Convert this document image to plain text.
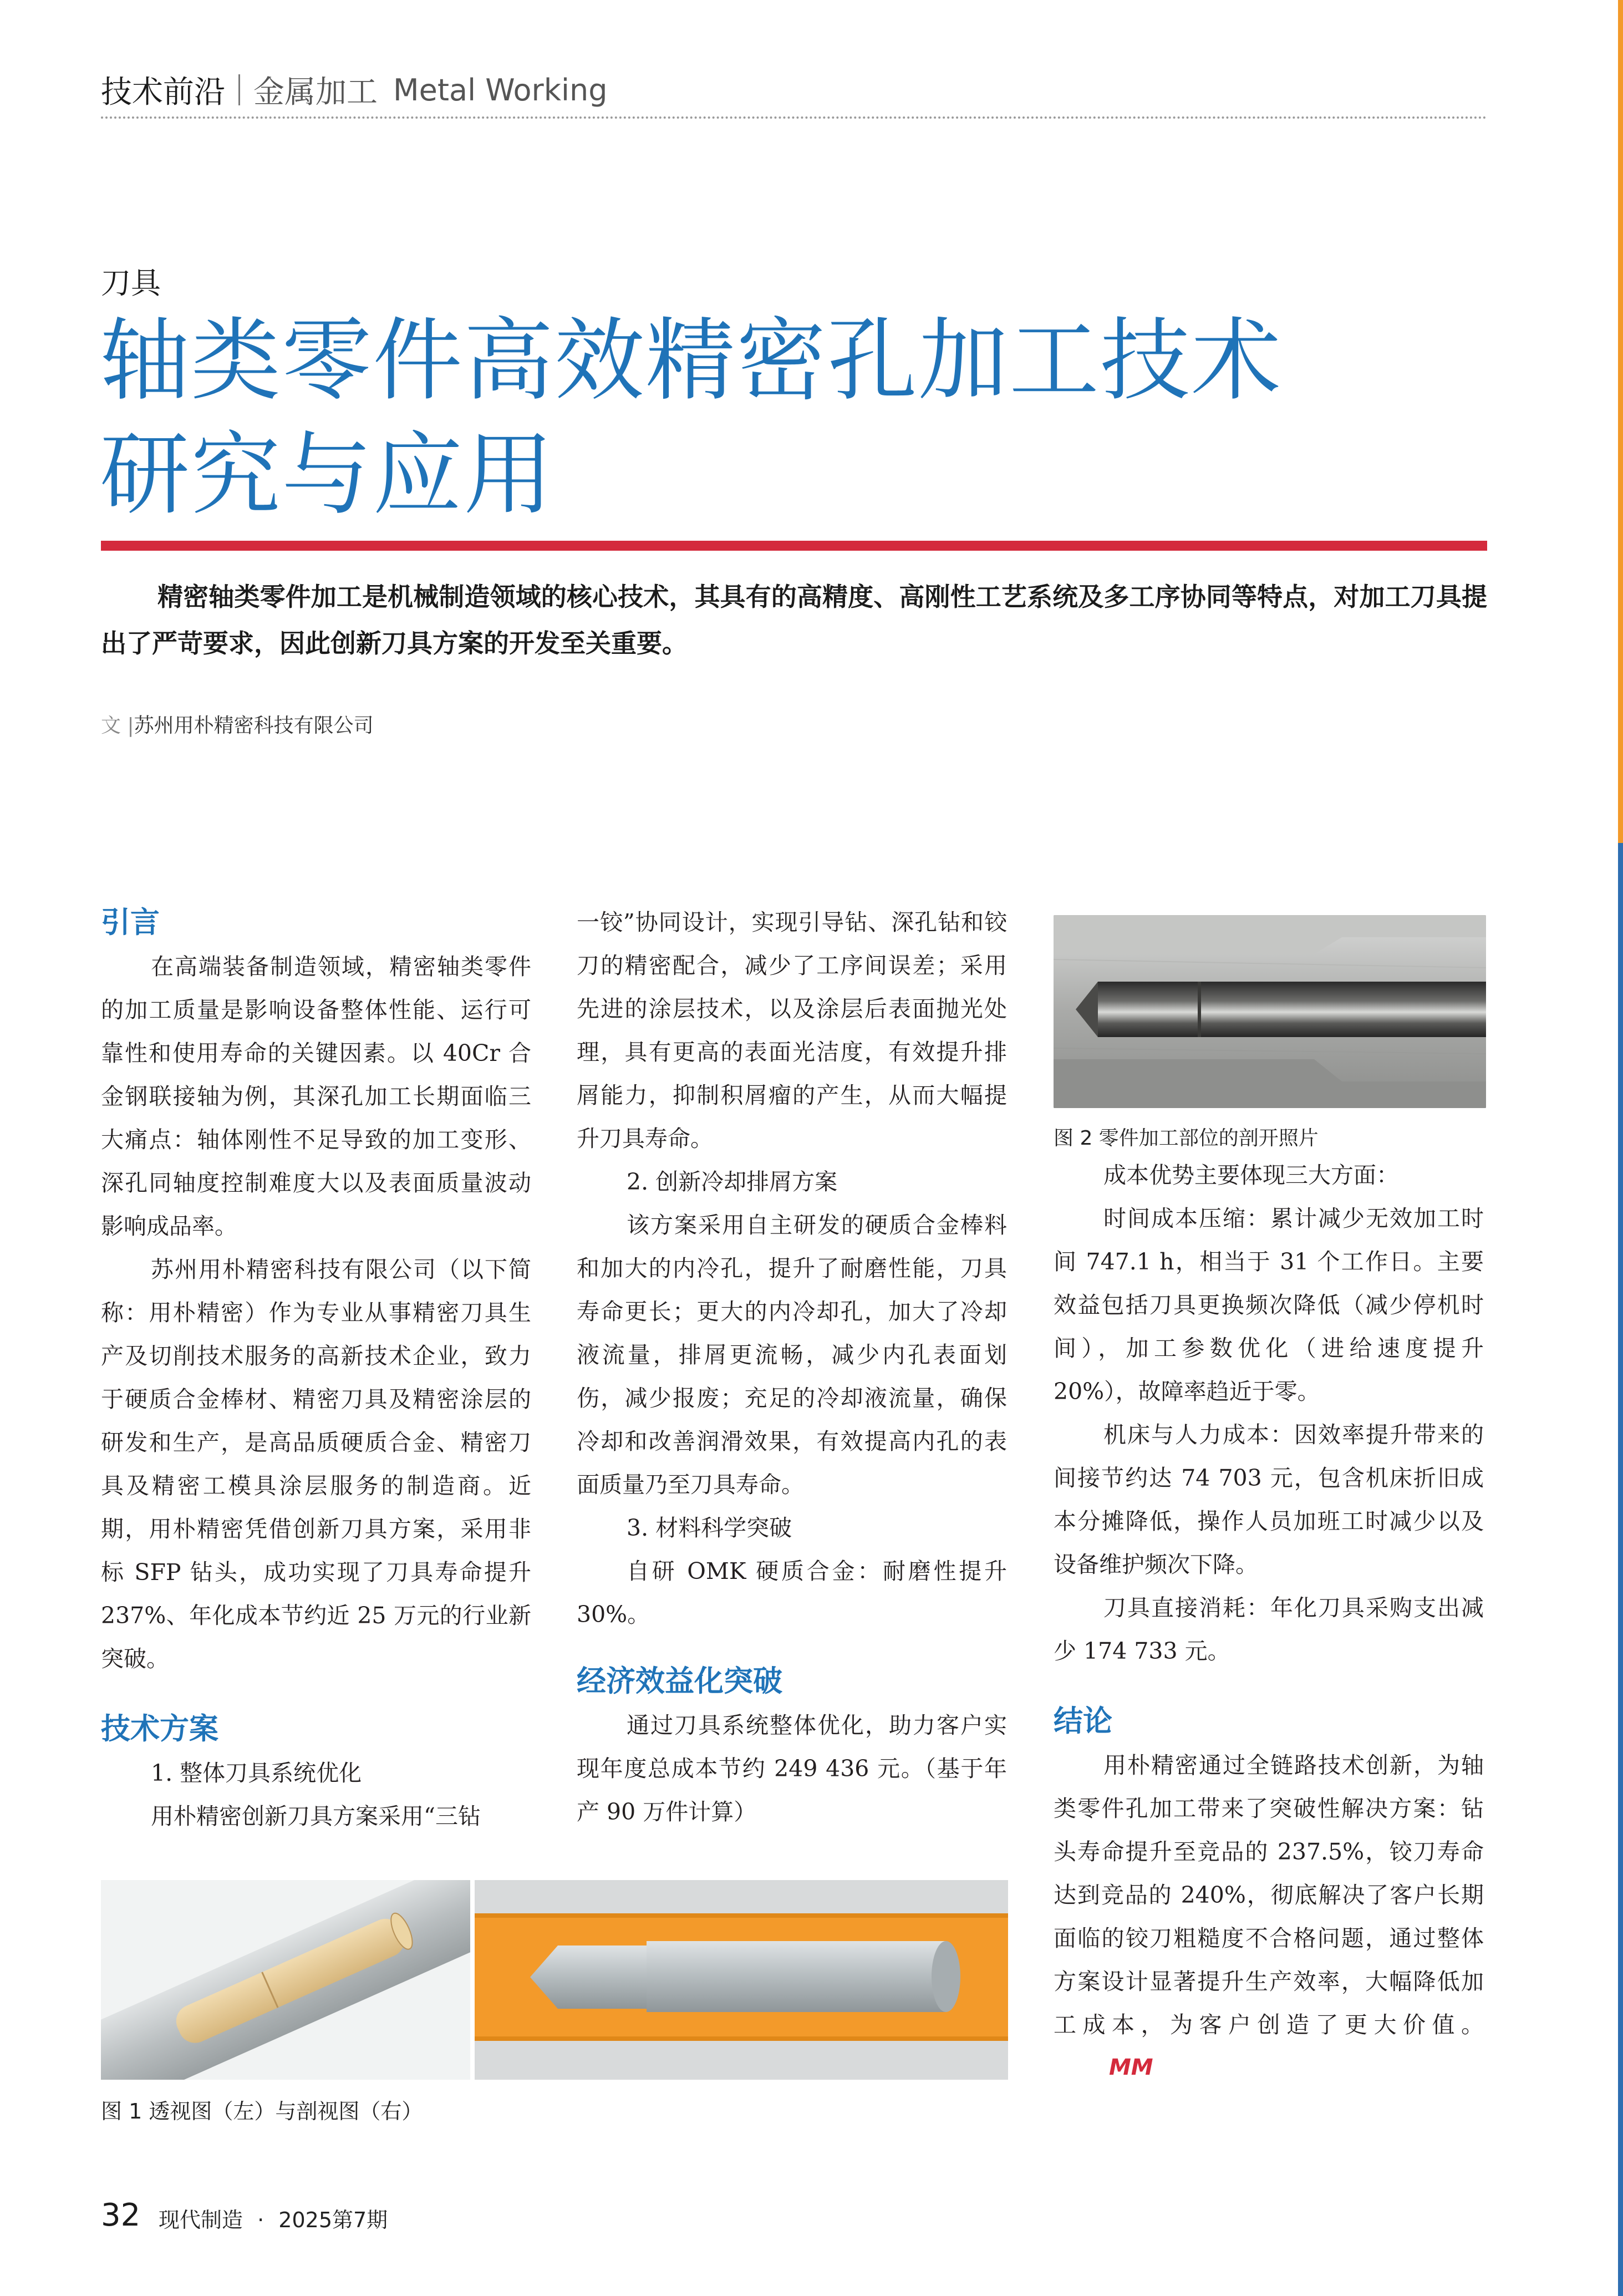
技术前沿 金属加工 Metal Working
刀具
轴类零件高效精密孔加工技术
研究与应用
精密轴类零件加工是机械制造领域的核心技术，其具有的高精度、高刚性工艺系统及多工序协同等特点，对加工刀具提出了严苛要求，因此创新刀具方案的开发至关重要。
文 |苏州用朴精密科技有限公司
引言

在高端装备制造领域，精密轴类零件的加工质量是影响设备整体性能、运行可靠性和使用寿命的关键因素。以 40Cr 合金钢联接轴为例，其深孔加工长期面临三大痛点：轴体刚性不足导致的加工变形、深孔同轴度控制难度大以及表面质量波动影响成品率。

苏州用朴精密科技有限公司（以下简称：用朴精密）作为专业从事精密刀具生产及切削技术服务的高新技术企业，致力于硬质合金棒材、精密刀具及精密涂层的研发和生产，是高品质硬质合金、精密刀具及精密工模具涂层服务的制造商。近期，用朴精密凭借创新刀具方案，采用非标 SFP 钻头，成功实现了刀具寿命提升 237%、年化成本节约近 25 万元的行业新突破。

技术方案

1. 整体刀具系统优化

用朴精密创新刀具方案采用“三钻

一铰”协同设计，实现引导钻、深孔钻和铰刀的精密配合，减少了工序间误差；采用先进的涂层技术，以及涂层后表面抛光处理，具有更高的表面光洁度，有效提升排屑能力，抑制积屑瘤的产生，从而大幅提升刀具寿命。

2. 创新冷却排屑方案

该方案采用自主研发的硬质合金棒料和加大的内冷孔，提升了耐磨性能，刀具寿命更长；更大的内冷却孔，加大了冷却液流量，排屑更流畅，减少内孔表面划伤，减少报废；充足的冷却液流量，确保冷却和改善润滑效果，有效提高内孔的表面质量乃至刀具寿命。

3. 材料科学突破

自研 OMK 硬质合金：耐磨性提升 30%。

经济效益化突破

通过刀具系统整体优化，助力客户实现年度总成本节约 249 436 元。（基于年产 90 万件计算）

图 2 零件加工部位的剖开照片

成本优势主要体现三大方面：

时间成本压缩：累计减少无效加工时间 747.1 h，相当于 31 个工作日。主要效益包括刀具更换频次降低（减少停机时间），加工参数优化（进给速度提升 20%），故障率趋近于零。

机床与人力成本：因效率提升带来的间接节约达 74 703 元，包含机床折旧成本分摊降低，操作人员加班工时减少以及设备维护频次下降。

刀具直接消耗：年化刀具采购支出减少 174 733 元。

结论

用朴精密通过全链路技术创新，为轴类零件孔加工带来了突破性解决方案：钻头寿命提升至竞品的 237.5%，铰刀寿命达到竞品的 240%，彻底解决了客户长期面临的铰刀粗糙度不合格问题，通过整体方案设计显著提升生产效率，大幅降低加工成本，为客户创造了更大价值。
MM

图 1 透视图（左）与剖视图（右）
32 现代制造 · 2025第7期
